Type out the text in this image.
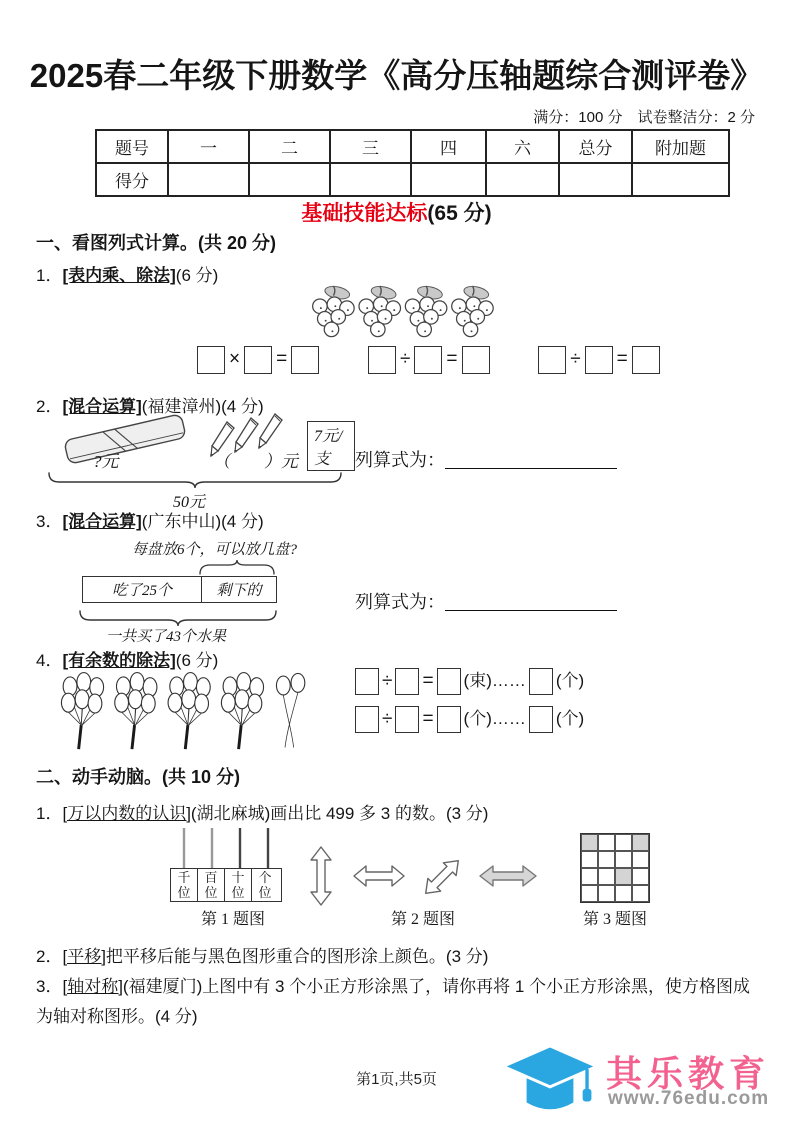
2025春二年级下册数学《高分压轴题综合测评卷》
满分：100 分　试卷整洁分：2 分
题号	一	二	三	四	六	总分	附加题
得分							
基础技能达标(65 分)
一、看图列式计算。(共 20 分)
1．[表内乘、除法](6 分)
× =	÷ =	÷ =
2．[混合运算](福建漳州)(4 分)
7元/支
?元	（　　）元
50元
列算式为：
3．[混合运算](广东中山)(4 分)
每盘放6个，可以放几盘?
吃了25个	剩下的
一共买了43个水果
列算式为：
4．[有余数的除法](6 分)
÷ = (束)…… (个)
÷ = (个)…… (个)
二、动手动脑。(共 10 分)
1．[万以内数的认识](湖北麻城)画出比 499 多 3 的数。(3 分)
千位
百位
十位
个位
第 1 题图	第 2 题图	第 3 题图
2．[平移]把平移后能与黑色图形重合的图形涂上颜色。(3 分)
3．[轴对称](福建厦门)上图中有 3 个小正方形涂黑了，请你再将 1 个小正方形涂黑，使方格图成为轴对称图形。(4 分)
第1页,共5页	其乐教育
www.76edu.com
